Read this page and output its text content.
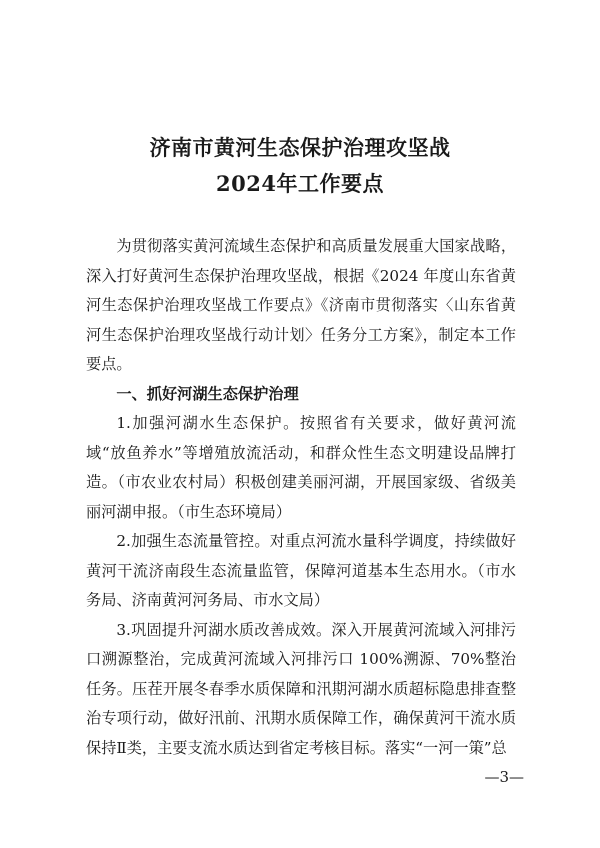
济南市黄河生态保护治理攻坚战
2024年工作要点

为贯彻落实黄河流域生态保护和高质量发展重大国家战略，深入打好黄河生态保护治理攻坚战，根据《2024 年度山东省黄河生态保护治理攻坚战工作要点》《济南市贯彻落实〈山东省黄河生态保护治理攻坚战行动计划〉任务分工方案》，制定本工作要点。

一、抓好河湖生态保护治理

1.加强河湖水生态保护。按照省有关要求，做好黄河流域“放鱼养水”等增殖放流活动，和群众性生态文明建设品牌打造。（市农业农村局）积极创建美丽河湖，开展国家级、省级美丽河湖申报。（市生态环境局）

2.加强生态流量管控。对重点河流水量科学调度，持续做好黄河干流济南段生态流量监管，保障河道基本生态用水。（市水务局、济南黄河河务局、市水文局）

3.巩固提升河湖水质改善成效。深入开展黄河流域入河排污口溯源整治，完成黄河流域入河排污口 100%溯源、70%整治任务。压茬开展冬春季水质保障和汛期河湖水质超标隐患排查整治专项行动，做好汛前、汛期水质保障工作，确保黄河干流水质保持Ⅱ类，主要支流水质达到省定考核目标。落实“一河一策”总

—3—
